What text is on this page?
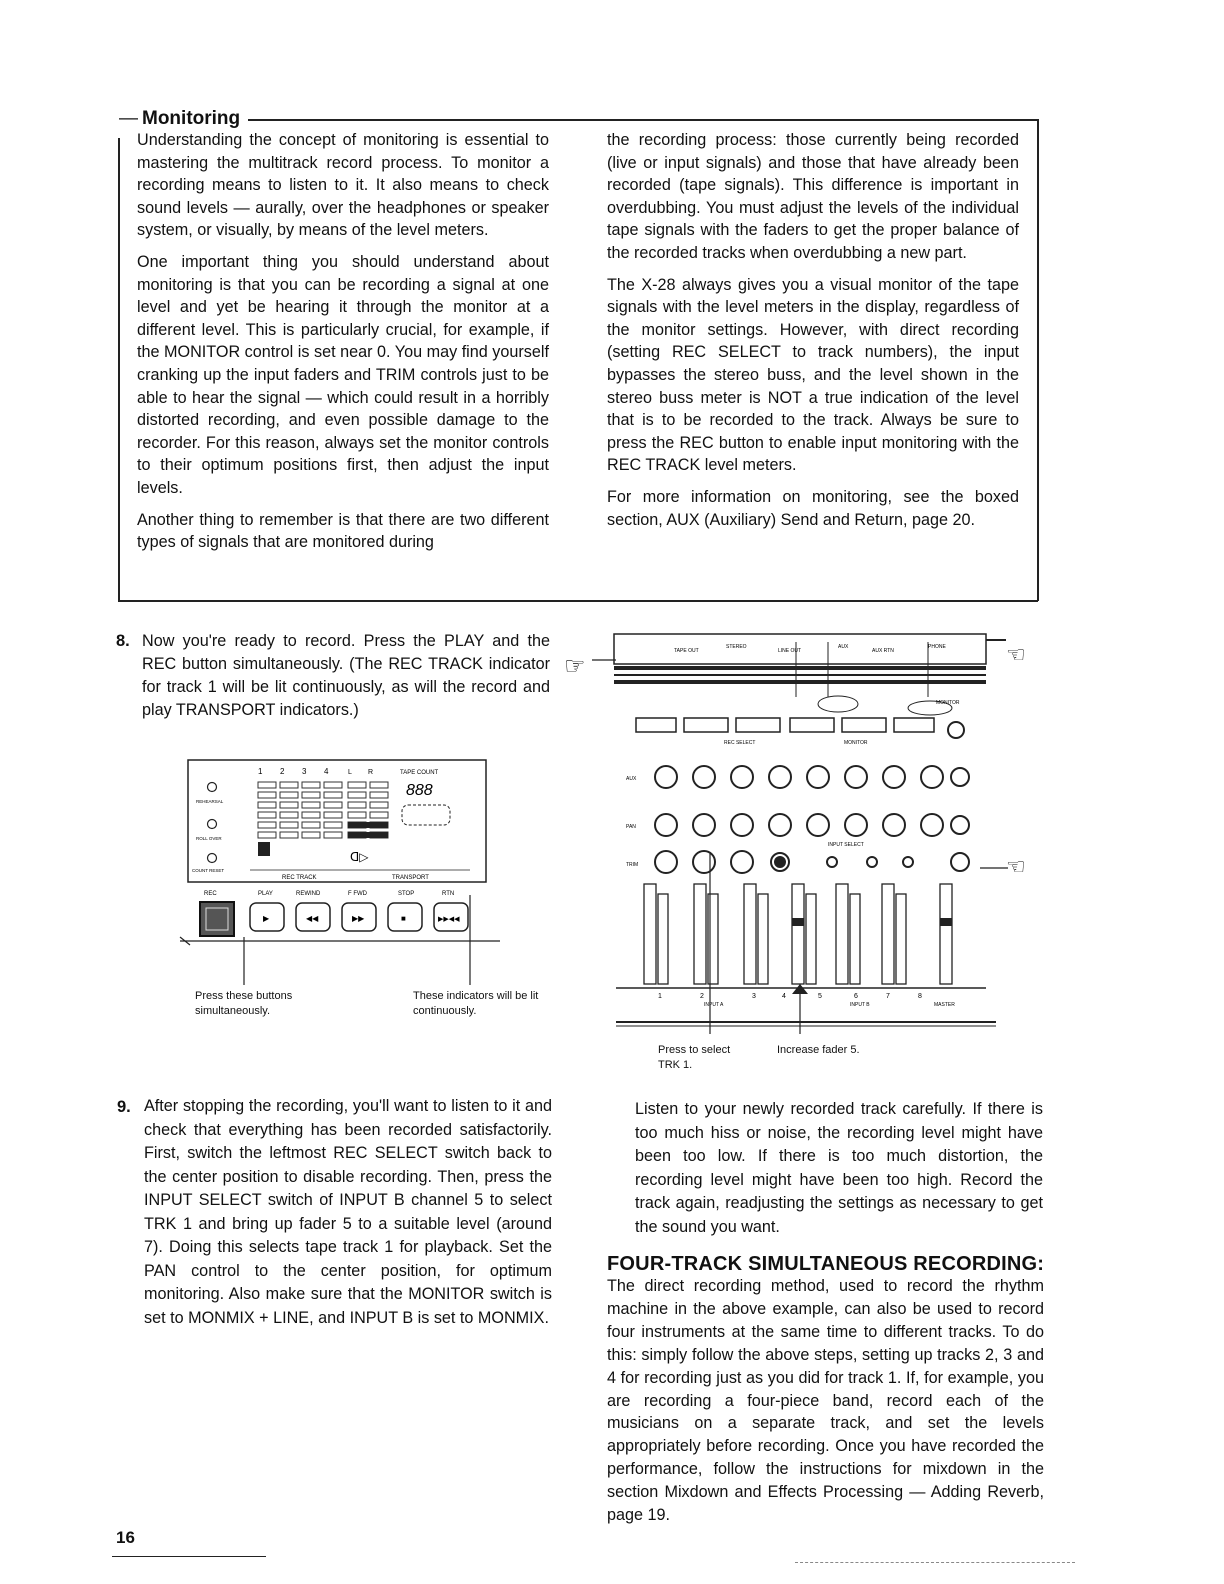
— Monitoring

Understanding the concept of monitoring is essential to mastering the multitrack record process. To monitor a recording means to listen to it. It also means to check sound levels — aurally, over the headphones or speaker system, or visually, by means of the level meters.

One important thing you should understand about monitoring is that you can be recording a signal at one level and yet be hearing it through the monitor at a different level. This is particularly crucial, for example, if the MONITOR control is set near 0. You may find yourself cranking up the input faders and TRIM controls just to be able to hear the signal — which could result in a horribly distorted recording, and even possible damage to the recorder. For this reason, always set the monitor controls to their optimum positions first, then adjust the input levels.

Another thing to remember is that there are two different types of signals that are monitored during

the recording process: those currently being recorded (live or input signals) and those that have already been recorded (tape signals). This difference is important in overdubbing. You must adjust the levels of the individual tape signals with the faders to get the proper balance of the recorded tracks when overdubbing a new part.

The X-28 always gives you a visual monitor of the tape signals with the level meters in the display, regardless of the monitor settings. However, with direct recording (setting REC SELECT to track numbers), the input bypasses the stereo buss, and the level shown in the stereo buss meter is NOT a true indication of the level that is to be recorded to the track. Always be sure to press the REC button to enable input monitoring with the REC TRACK level meters.

For more information on monitoring, see the boxed section, AUX (Auxiliary) Send and Return, page 20.

8. Now you're ready to record. Press the PLAY and the REC button simultaneously. (The REC TRACK indicator for track 1 will be lit continuously, as will the record and play TRANSPORT indicators.)
1 2 3 4	L R	TAPE COUNT
REHEARSAL
ROLL OVER
COUNT RESET
888
ᗡ▷
REC TRACK	TRANSPORT
REC	PLAY	REWIND	F FWD	STOP	RTN
▶	◀◀	▶▶	■	▶▶◀◀
Press these buttons simultaneously.
These indicators will be lit continuously.
☞
TAPE OUT
STEREO
LINE OUT
AUX
AUX RTN
PHONE	☜
MONITOR
REC SELECT	MONITOR
AUX
PAN
TRIM
INPUT SELECT
☜
1	2	3	4	5	6	7	8
INPUT A	INPUT B	MASTER
Press to select TRK 1.
Increase fader 5.
9. After stopping the recording, you'll want to listen to it and check that everything has been recorded satisfactorily. First, switch the leftmost REC SELECT switch back to the center position to disable recording. Then, press the INPUT SELECT switch of INPUT B channel 5 to select TRK 1 and bring up fader 5 to a suitable level (around 7). Doing this selects tape track 1 for playback. Set the PAN control to the center position, for optimum monitoring. Also make sure that the MONITOR switch is set to MONMIX + LINE, and INPUT B is set to MONMIX.
Listen to your newly recorded track carefully. If there is too much hiss or noise, the recording level might have been too low. If there is too much distortion, the recording level might have been too high. Record the track again, readjusting the settings as necessary to get the sound you want.
FOUR-TRACK SIMULTANEOUS RECORDING:
The direct recording method, used to record the rhythm machine in the above example, can also be used to record four instruments at the same time to different tracks. To do this: simply follow the above steps, setting up tracks 2, 3 and 4 for recording just as you did for track 1. If, for example, you are recording a four-piece band, record each of the musicians on a separate track, and set the levels appropriately before recording. Once you have recorded the performance, follow the instructions for mixdown in the section Mixdown and Effects Processing — Adding Reverb, page 19.
16
